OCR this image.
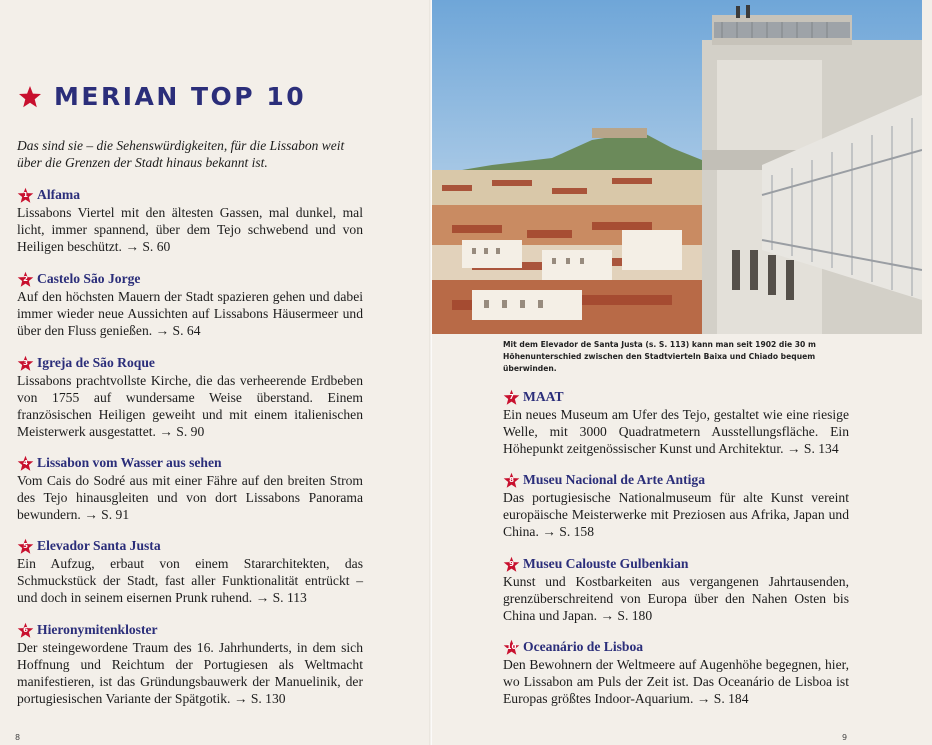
MERIAN TOP 10
Das sind sie – die Sehenswürdigkeiten, für die Lissabon weit über die Grenzen der Stadt hinaus bekannt ist.
1 Alfama
Lissabons Viertel mit den ältesten Gassen, mal dunkel, mal licht, immer spannend, über dem Tejo schwebend und von Heiligen beschützt. → S. 60
2 Castelo São Jorge
Auf den höchsten Mauern der Stadt spazieren gehen und dabei immer wieder neue Aussichten auf Lissabons Häusermeer und über den Fluss genießen. → S. 64
3 Igreja de São Roque
Lissabons prachtvollste Kirche, die das verheerende Erdbeben von 1755 auf wundersame Weise überstand. Einem französischen Heiligen geweiht und mit einem italienischen Meisterwerk ausgestattet. → S. 90
4 Lissabon vom Wasser aus sehen
Vom Cais do Sodré aus mit einer Fähre auf den breiten Strom des Tejo hinausgleiten und von dort Lissabons Panorama bewundern. → S. 91
5 Elevador Santa Justa
Ein Aufzug, erbaut von einem Stararchitekten, das Schmuckstück der Stadt, fast aller Funktionalität entrückt – und doch in seinem eisernen Prunk ruhend. → S. 113
6 Hieronymitenkloster
Der steingewordene Traum des 16. Jahrhunderts, in dem sich Hoffnung und Reichtum der Portugiesen als Weltmacht manifestieren, ist das Gründungsbauwerk der Manuelinik, der portugiesischen Variante der Spätgotik. → S. 130
8
Mit dem Elevador de Santa Justa (s. S. 113) kann man seit 1902 die 30 m Höhenunterschied zwischen den Stadtvierteln Baixa und Chiado bequem überwinden.
7 MAAT
Ein neues Museum am Ufer des Tejo, gestaltet wie eine riesige Welle, mit 3000 Quadratmetern Ausstellungsfläche. Ein Höhepunkt zeitgenössischer Kunst und Architektur. → S. 134
8 Museu Nacional de Arte Antiga
Das portugiesische Nationalmuseum für alte Kunst vereint europäische Meisterwerke mit Preziosen aus Afrika, Japan und China. → S. 158
9 Museu Calouste Gulbenkian
Kunst und Kostbarkeiten aus vergangenen Jahrtausenden, grenzüberschreitend von Europa über den Nahen Osten bis China und Japan. → S. 180
10 Oceanário de Lisboa
Den Bewohnern der Weltmeere auf Augenhöhe begegnen, hier, wo Lissabon am Puls der Zeit ist. Das Oceanário de Lisboa ist Europas größtes Indoor-Aquarium. → S. 184
9
